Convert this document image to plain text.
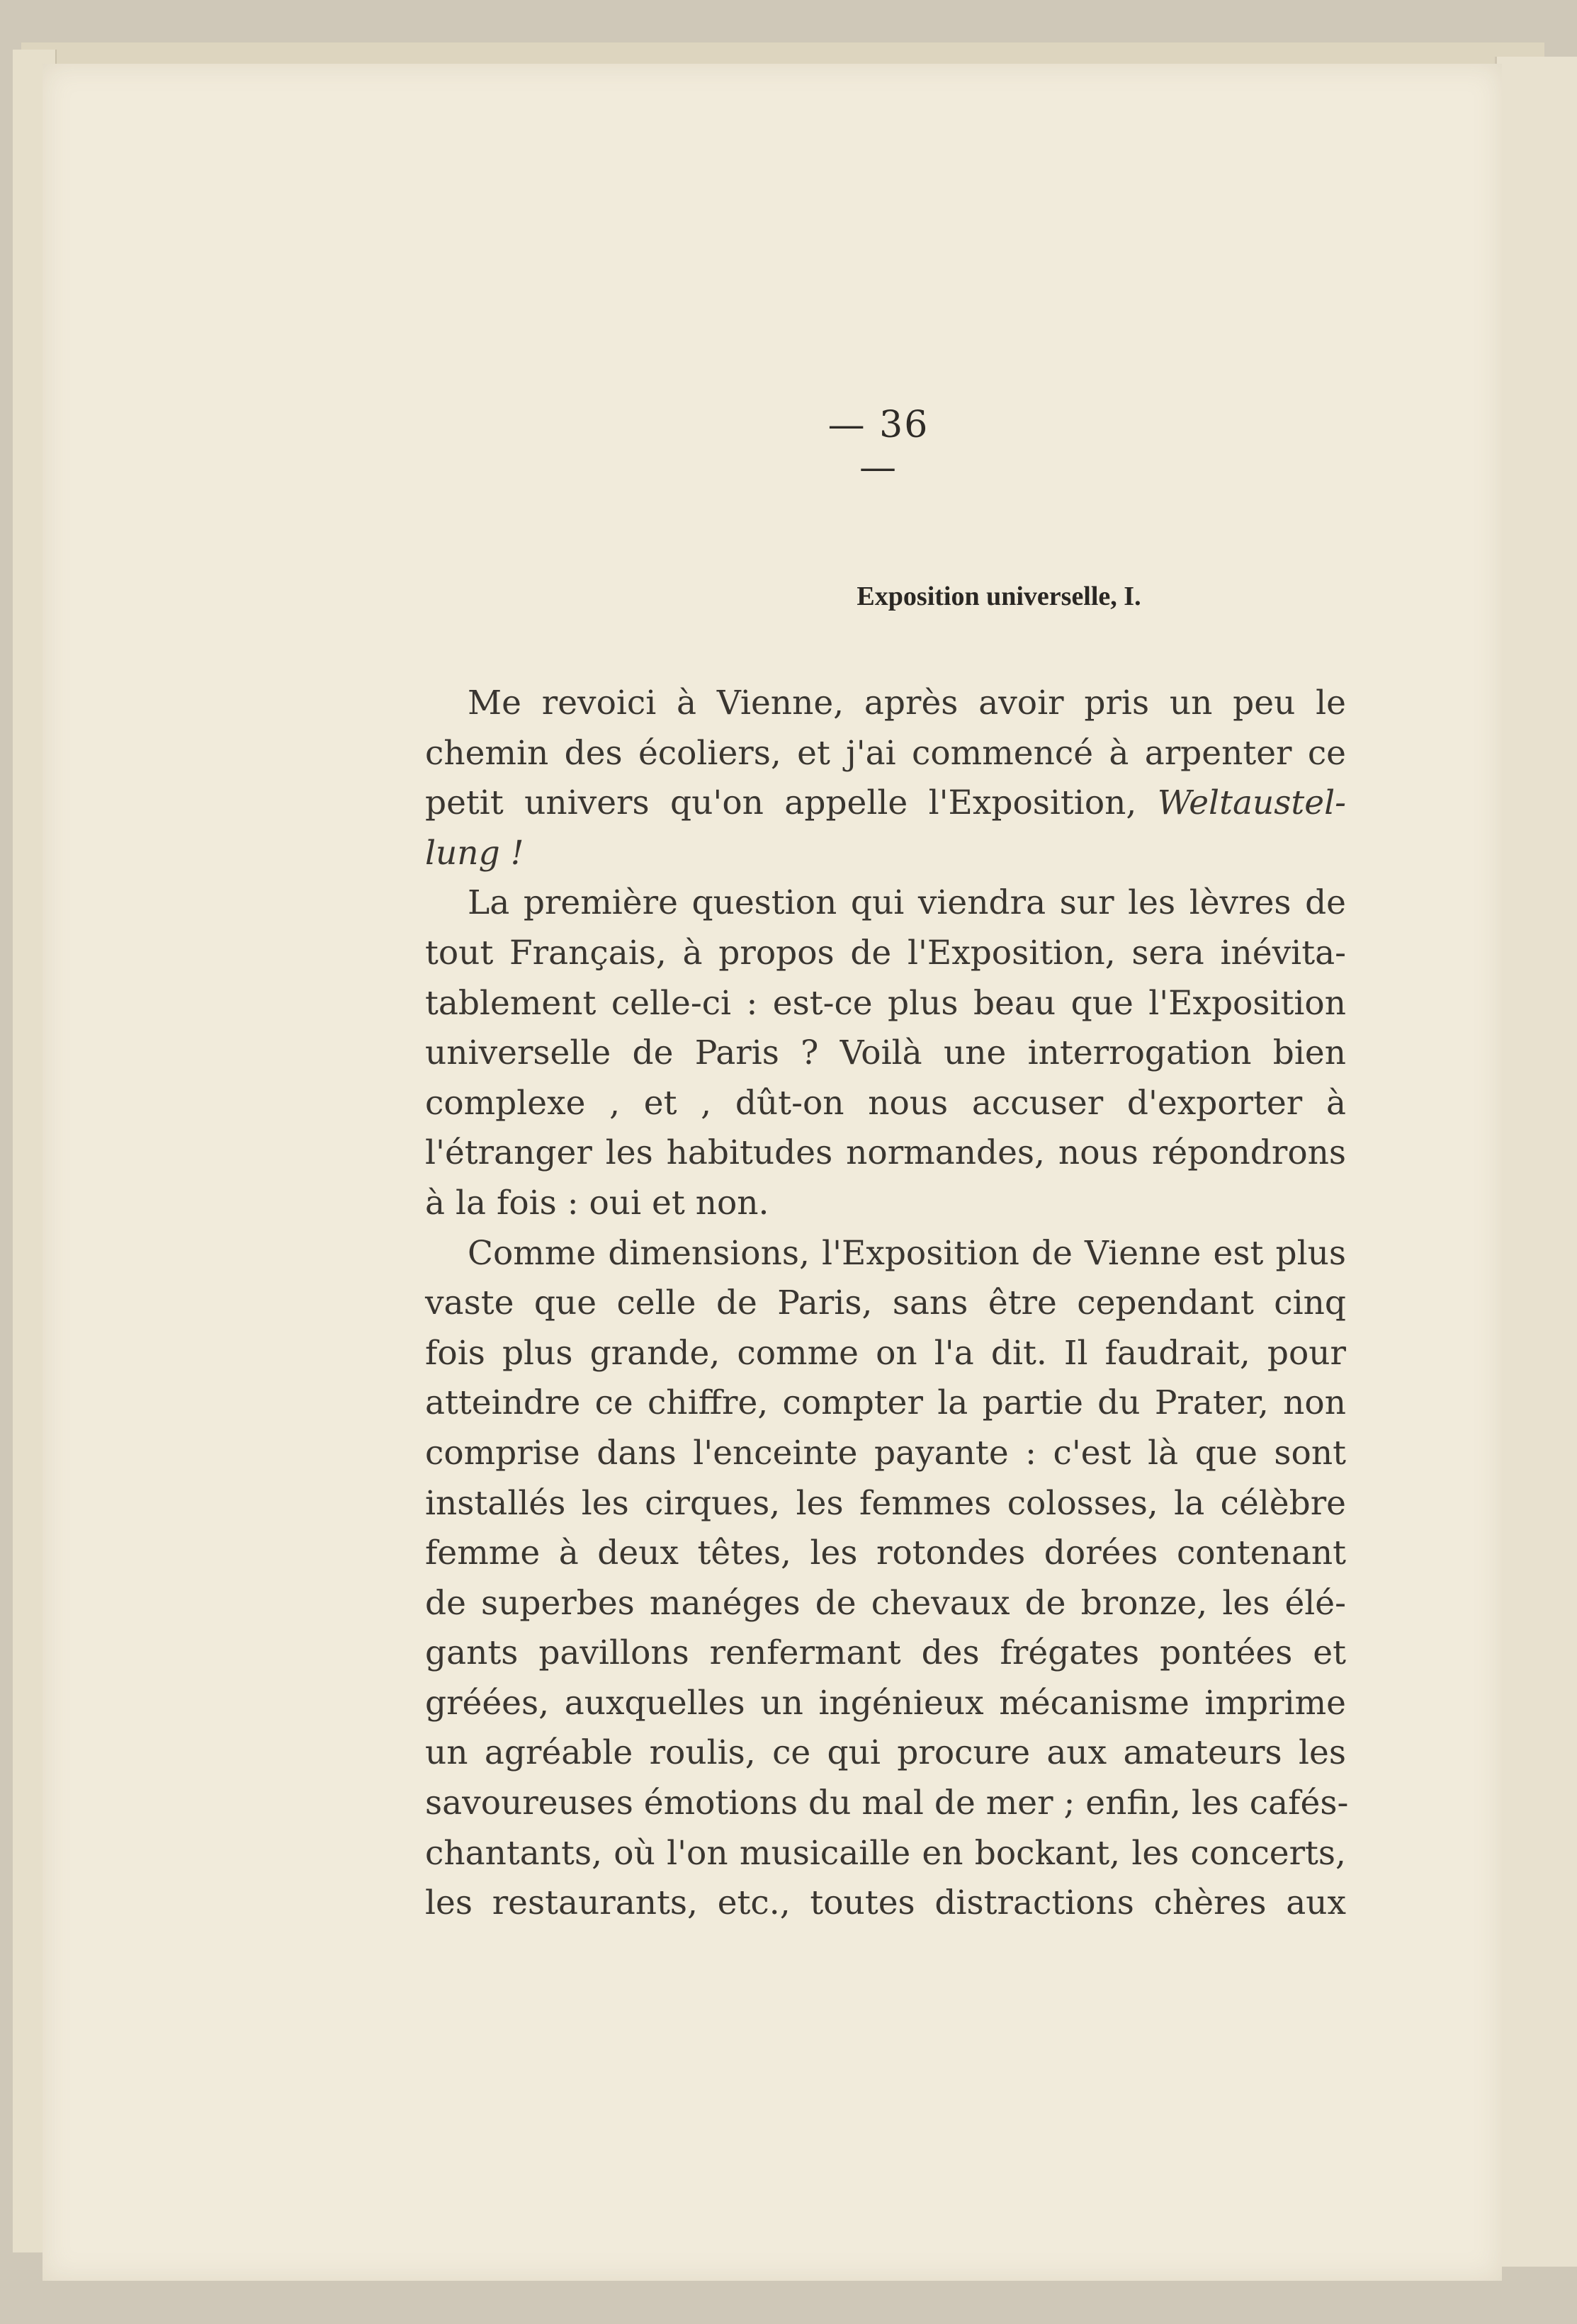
— 36 —
Exposition universelle, I.
Me revoici à Vienne, après avoir pris un peu le
chemin des écoliers, et j'ai commencé à arpenter ce
petit univers qu'on appelle l'Exposition, Weltaustel-
lung !
La première question qui viendra sur les lèvres de
tout Français, à propos de l'Exposition, sera inévita-
tablement celle-ci : est-ce plus beau que l'Exposition
universelle de Paris ? Voilà une interrogation bien
complexe , et , dût-on nous accuser d'exporter à
l'étranger les habitudes normandes, nous répondrons
à la fois : oui et non.
Comme dimensions, l'Exposition de Vienne est plus
vaste que celle de Paris, sans être cependant cinq
fois plus grande, comme on l'a dit. Il faudrait, pour
atteindre ce chiffre, compter la partie du Prater, non
comprise dans l'enceinte payante : c'est là que sont
installés les cirques, les femmes colosses, la célèbre
femme à deux têtes, les rotondes dorées contenant
de superbes manéges de chevaux de bronze, les élé-
gants pavillons renfermant des frégates pontées et
gréées, auxquelles un ingénieux mécanisme imprime
un agréable roulis, ce qui procure aux amateurs les
savoureuses émotions du mal de mer ; enfin, les cafés-
chantants, où l'on musicaille en bockant, les concerts,
les restaurants, etc., toutes distractions chères aux
